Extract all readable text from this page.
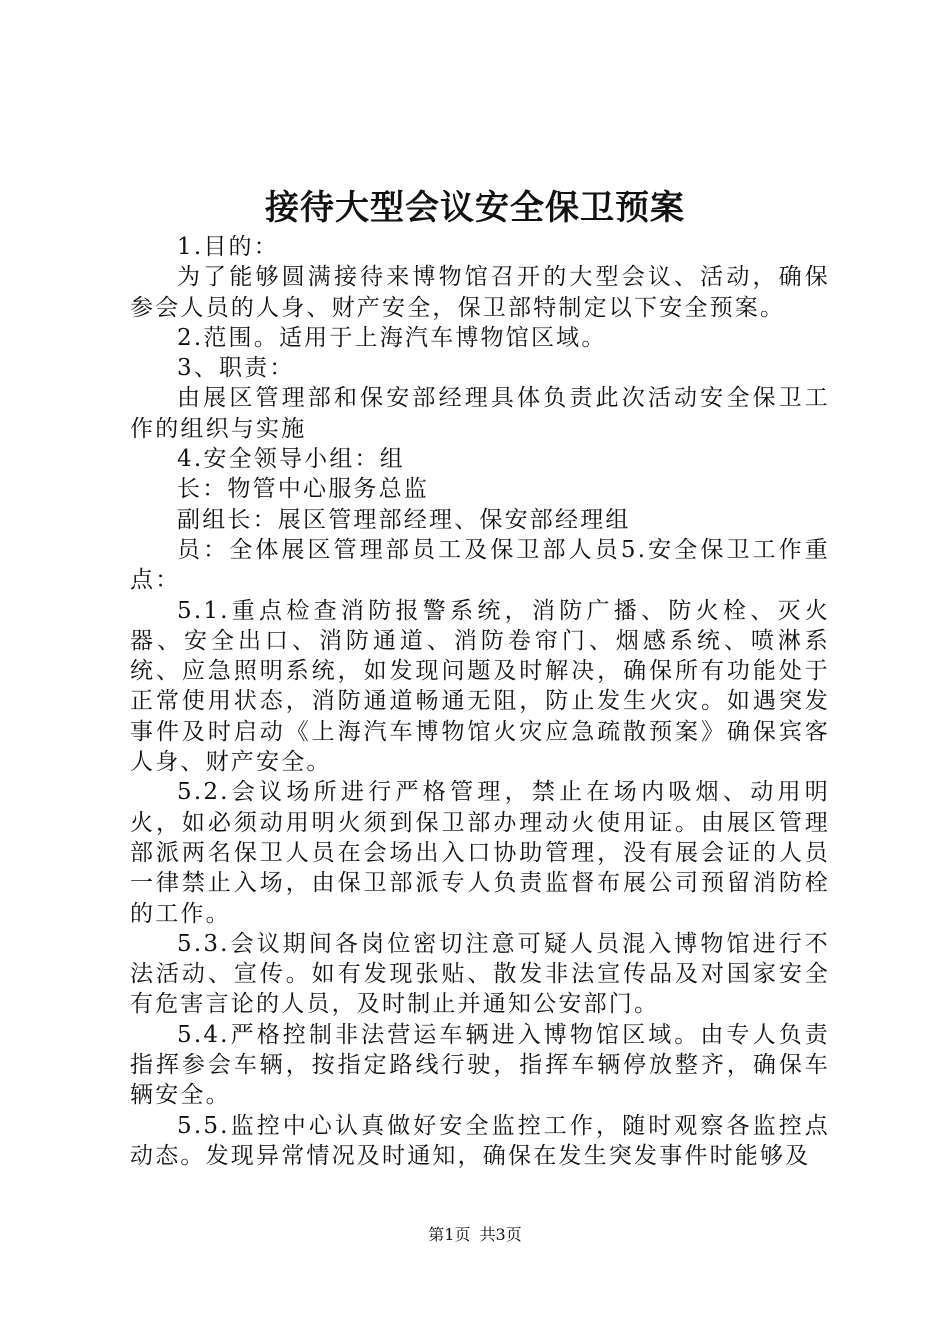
接待大型会议安全保卫预案

1.目的：

为了能够圆满接待来博物馆召开的大型会议、活动，确保参会人员的人身、财产安全，保卫部特制定以下安全预案。

2.范围。适用于上海汽车博物馆区域。

3、职责：

由展区管理部和保安部经理具体负责此次活动安全保卫工作的组织与实施

4.安全领导小组：组

长：物管中心服务总监

副组长：展区管理部经理、保安部经理组

员：全体展区管理部员工及保卫部人员5.安全保卫工作重点：

5.1.重点检查消防报警系统，消防广播、防火栓、灭火器、安全出口、消防通道、消防卷帘门、烟感系统、喷淋系统、应急照明系统，如发现问题及时解决，确保所有功能处于正常使用状态，消防通道畅通无阻，防止发生火灾。如遇突发事件及时启动《上海汽车博物馆火灾应急疏散预案》确保宾客人身、财产安全。

5.2.会议场所进行严格管理，禁止在场内吸烟、动用明火，如必须动用明火须到保卫部办理动火使用证。由展区管理部派两名保卫人员在会场出入口协助管理，没有展会证的人员一律禁止入场，由保卫部派专人负责监督布展公司预留消防栓的工作。

5.3.会议期间各岗位密切注意可疑人员混入博物馆进行不法活动、宣传。如有发现张贴、散发非法宣传品及对国家安全有危害言论的人员，及时制止并通知公安部门。

5.4.严格控制非法营运车辆进入博物馆区域。由专人负责指挥参会车辆，按指定路线行驶，指挥车辆停放整齐，确保车辆安全。

5.5.监控中心认真做好安全监控工作，随时观察各监控点动态。发现异常情况及时通知，确保在发生突发事件时能够及

第1页 共3页
